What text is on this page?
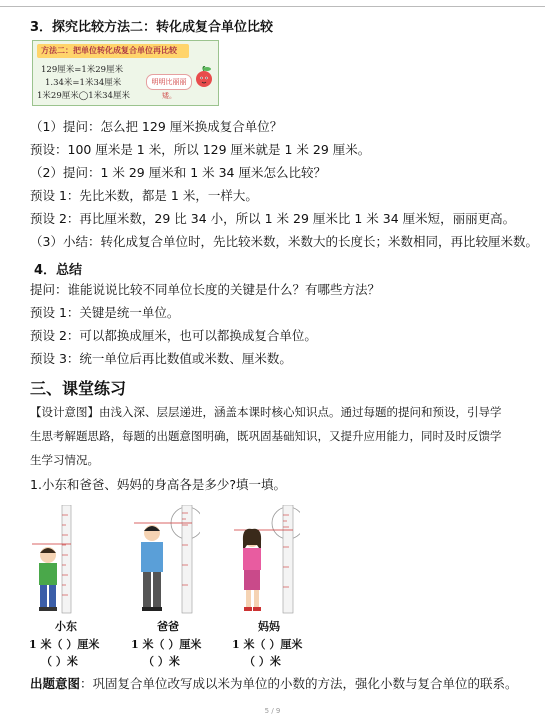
3．探究比较方法二：转化成复合单位比较
方法二：把单位转化成复合单位再比较
129厘米=1米29厘米
1.34米=1米34厘米
1米29厘米◯1米34厘米
明明比丽丽矮。
（1）提问：怎么把 129 厘米换成复合单位？
预设：100 厘米是 1 米，所以 129 厘米就是 1 米 29 厘米。
（2）提问：1 米 29 厘米和 1 米 34 厘米怎么比较？
预设 1：先比米数，都是 1 米，一样大。
预设 2：再比厘米数，29 比 34 小，所以 1 米 29 厘米比 1 米 34 厘米短，丽丽更高。
（3）小结：转化成复合单位时，先比较米数，米数大的长度长；米数相同，再比较厘米数。
4．总结
提问：谁能说说比较不同单位长度的关键是什么？有哪些方法？
预设 1：关键是统一单位。
预设 2：可以都换成厘米，也可以都换成复合单位。
预设 3：统一单位后再比数值或米数、厘米数。
三、课堂练习
【设计意图】由浅入深、层层递进，涵盖本课时核心知识点。通过每题的提问和预设，引导学
生思考解题思路，每题的出题意图明确，既巩固基础知识，又提升应用能力，同时及时反馈学
生学习情况。
1.小东和爸爸、妈妈的身高各是多少?填一填。
小东
1 米（ ）厘米
（ ）米
爸爸
1 米（ ）厘米
（ ）米
妈妈
1 米（ ）厘米
（ ）米
出题意图：巩固复合单位改写成以米为单位的小数的方法，强化小数与复合单位的联系。
5 / 9
